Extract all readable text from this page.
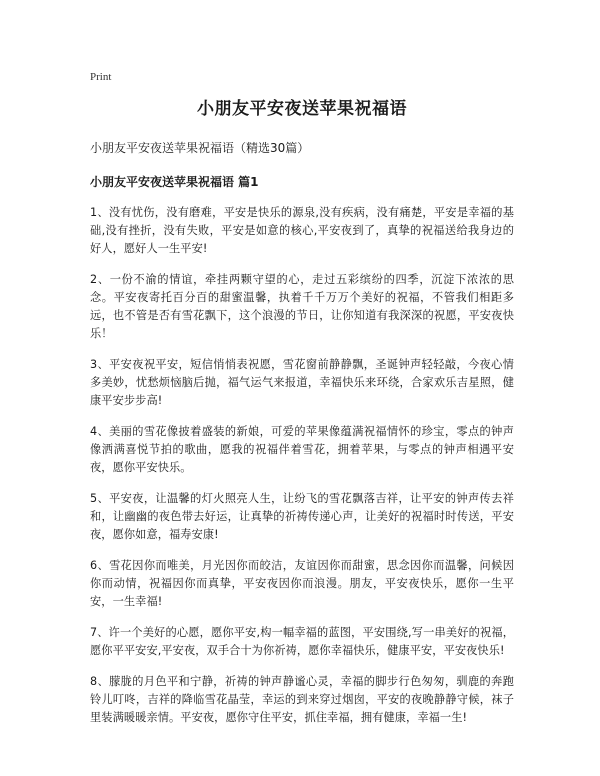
Print
小朋友平安夜送苹果祝福语
小朋友平安夜送苹果祝福语（精选30篇）
小朋友平安夜送苹果祝福语 篇1

1、没有忧伤，没有磨难，平安是快乐的源泉,没有疾病，没有痛楚，平安是幸福的基础,没有挫折，没有失败，平安是如意的核心,平安夜到了，真挚的祝福送给我身边的好人，愿好人一生平安!

2、一份不渝的情谊，牵挂两颗守望的心，走过五彩缤纷的四季，沉淀下浓浓的思念。平安夜寄托百分百的甜蜜温馨，执着千千万万个美好的祝福，不管我们相距多远，也不管是否有雪花飘下，这个浪漫的节日，让你知道有我深深的祝愿，平安夜快乐！

3、平安夜祝平安，短信悄悄表祝愿，雪花窗前静静飘，圣诞钟声轻轻敲，今夜心情多美妙，忧愁烦恼脑后抛，福气运气来报道，幸福快乐来环绕，合家欢乐吉星照，健康平安步步高!

4、美丽的雪花像披着盛装的新娘，可爱的苹果像蕴满祝福情怀的珍宝，零点的钟声像洒满喜悦节拍的歌曲，愿我的祝福伴着雪花，拥着苹果，与零点的钟声相遇平安夜，愿你平安快乐。

5、平安夜，让温馨的灯火照亮人生，让纷飞的雪花飘落吉祥，让平安的钟声传去祥和，让幽幽的夜色带去好运，让真挚的祈祷传递心声，让美好的祝福时时传送，平安夜，愿你如意，福寿安康!

6、雪花因你而唯美，月光因你而皎洁，友谊因你而甜蜜，思念因你而温馨，问候因你而动情，祝福因你而真挚，平安夜因你而浪漫。朋友，平安夜快乐，愿你一生平安，一生幸福!

7、许一个美好的心愿，愿你平安,构一幅幸福的蓝图，平安围绕,写一串美好的祝福，愿你平平安安,平安夜，双手合十为你祈祷，愿你幸福快乐，健康平安，平安夜快乐!

8、朦胧的月色平和宁静，祈祷的钟声静谧心灵，幸福的脚步行色匆匆，驯鹿的奔跑铃儿叮咚，吉祥的降临雪花晶莹，幸运的到来穿过烟囱，平安的夜晚静静守候，袜子里装满暖暖亲情。平安夜，愿你守住平安，抓住幸福，拥有健康，幸福一生!
